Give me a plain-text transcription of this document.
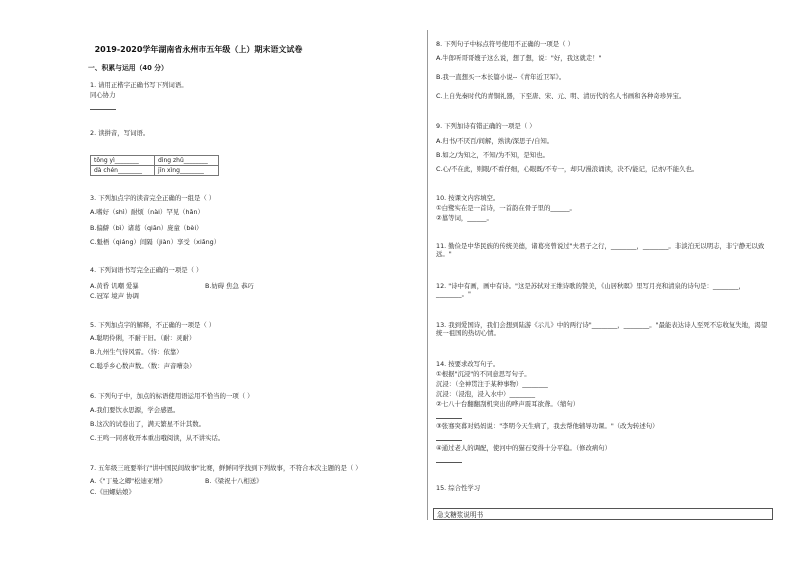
2019-2020学年湖南省永州市五年级（上）期末语文试卷
一、积累与运用（40 分）
1. 请用正楷字正确书写下列词语。
同心协力
2. 读拼音，写词语。
tōng yì________	dìng zhǔ________
dà chén________	jīn xìng________
3. 下列加点字的读音完全正确的一组是（ ）
A.嗜好（shì）耐烦（nài）罕见（hǎn）
B.偏僻（bì）诸葛（qiān）庞童（bèi）
C.魁梧（qiáng）间隔（jiàn）享受（xiǎng）
4. 下列词语书写完全正确的一项是（ ）
A.黄昏 讥嘲 爱暴	B.妨碍 焦急 恭巧
C.冠军 境声 协调
5. 下列加点字的解释，不正确的一项是（ ）
A.聪明伶俐，不耐干旧。（耐：灵耐）
B.九州生气恃风雷。（恃：依靠）
C.聪乎乡心数声数。（数：声音嘈杂）
6. 下列句子中，加点的标语使用语运用不恰当的一项（ ）
A.我们要饮水思源，学会感恩。
B.这次的试卷出了，满天繁星不计其数。
C.王鸣一同喜收开本重出哦阅读，从不讲实话。
7. 五年级三班要举行"讲中国民间故事"比赛，鲜鲜同学找到下列故事，不符合本次主题的是（ ）
A.《"丁曼之卿"松迪亚增》	B.《梁祝十八相送》
C.《田螺姑娘》
8. 下列句子中标点符号使用不正确的一项是（ ）
A.牛郎听哥哥嫂子这么说，想了想，说："好，我这就走！"
B.我一直想买一本长篇小说--《青年近卫军》。
C.上自先秦时代的青铜礼器，下至唐、宋、元、明、清历代的名人书画和各种奇珍异宝。
9. 下列加诗有错正确的一项是（ ）
A.归书/不厌百/间解，熟读/深思子/自知。
B.如之/为知之，不知/为不知，是知也。
C.心/不在此，则眼/不看仔细，心眼既/不专一，却只/漫浪诵读，决不/能记，记亦/不能久也。
10. 按课文内容填空。
①白鹭实在是一首诗，一首韵在骨子里的______。
②墓等词，______。
11. 勤俭是中华民族的传统美德，诸葛亮曾说过"夫君子之行，________，________。非淡泊无以明志，非宁静无以致远。"
12. "诗中有画，画中有诗。"这是苏轼对王维诗歌的赞美，《山居秋暝》里写月亮和清泉的诗句是：________，________。"
13. 我到爱国诗，我们会想到陆游《示儿》中的两行诗"________，________。"最能表达诗人至死不忘收复失地，渴望统一祖国的热切心情。
14. 按要求改写句子。
①根据"沉浸"的不同意思写句子。
沉浸：（全神贯注于某种事物）________
沉浸：（浸泡，浸入水中）________
②七八十台翻翻刮机突出的哗声震耳欲聋。（缩句）
③张骞突暮对妈妈说："李明今天生病了，我去帮他辅导功课。"（改为转述句）
④通过老人的调配，使河中的猫石变得十分平稳。（修改病句）
15. 综合性学习
急支糖浆说明书
